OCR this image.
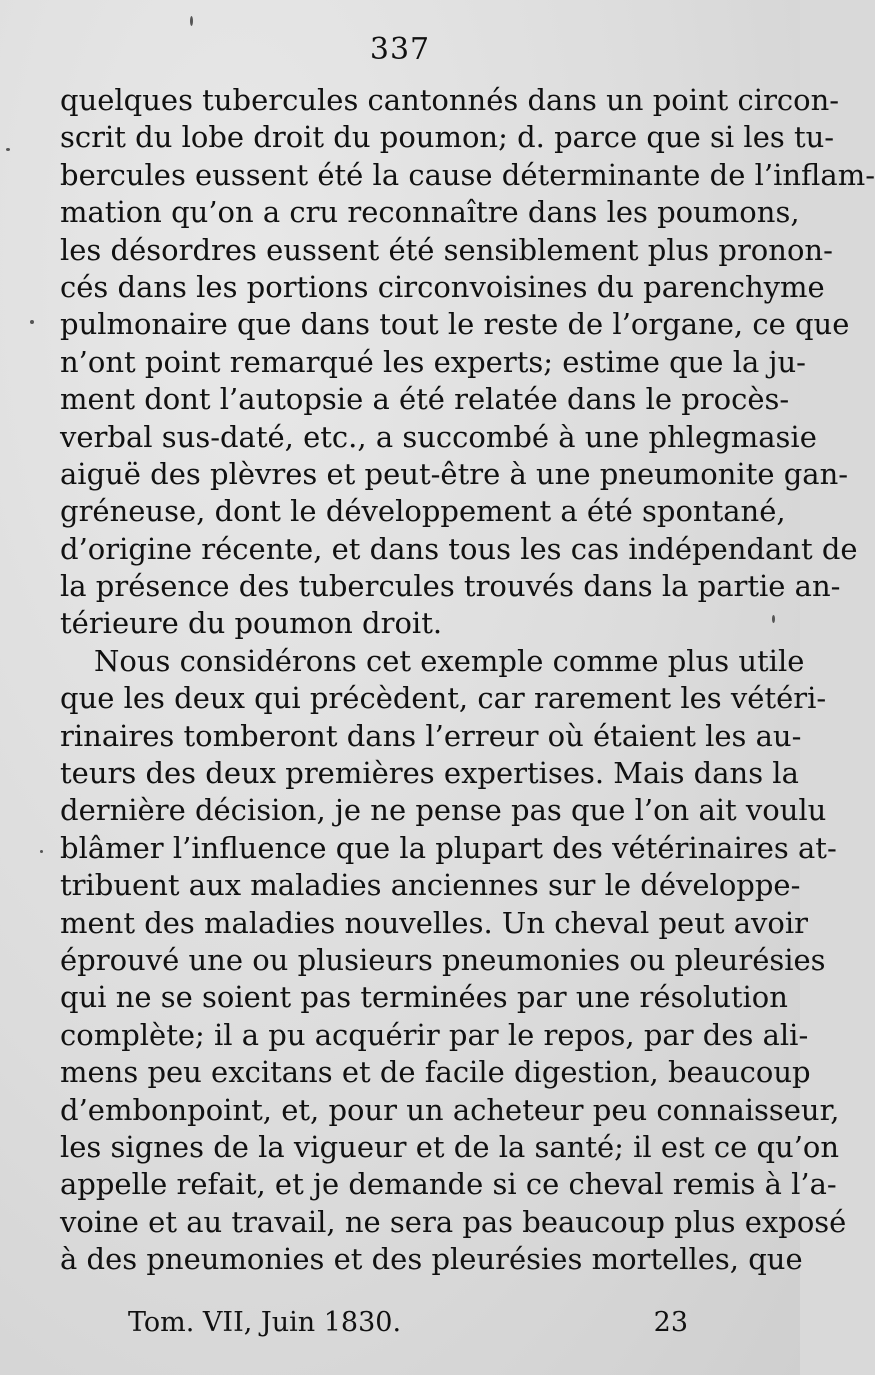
337
quelques tubercules cantonnés dans un point circon-
scrit du lobe droit du poumon; d. parce que si les tu-
bercules eussent été la cause déterminante de l’inflam-
mation qu’on a cru reconnaître dans les poumons,
les désordres eussent été sensiblement plus pronon-
cés dans les portions circonvoisines du parenchyme
pulmonaire que dans tout le reste de l’organe, ce que
n’ont point remarqué les experts; estime que la ju-
ment dont l’autopsie a été relatée dans le procès-
verbal sus-daté, etc., a succombé à une phlegmasie
aiguë des plèvres et peut-être à une pneumonite gan-
gréneuse, dont le développement a été spontané,
d’origine récente, et dans tous les cas indépendant de
la présence des tubercules trouvés dans la partie an-
térieure du poumon droit.
Nous considérons cet exemple comme plus utile
que les deux qui précèdent, car rarement les vétéri-
rinaires tomberont dans l’erreur où étaient les au-
teurs des deux premières expertises. Mais dans la
dernière décision, je ne pense pas que l’on ait voulu
blâmer l’influence que la plupart des vétérinaires at-
tribuent aux maladies anciennes sur le développe-
ment des maladies nouvelles. Un cheval peut avoir
éprouvé une ou plusieurs pneumonies ou pleurésies
qui ne se soient pas terminées par une résolution
complète; il a pu acquérir par le repos, par des ali-
mens peu excitans et de facile digestion, beaucoup
d’embonpoint, et, pour un acheteur peu connaisseur,
les signes de la vigueur et de la santé; il est ce qu’on
appelle refait, et je demande si ce cheval remis à l’a-
voine et au travail, ne sera pas beaucoup plus exposé
à des pneumonies et des pleurésies mortelles, que
Tom. VII, Juin 1830.	23
